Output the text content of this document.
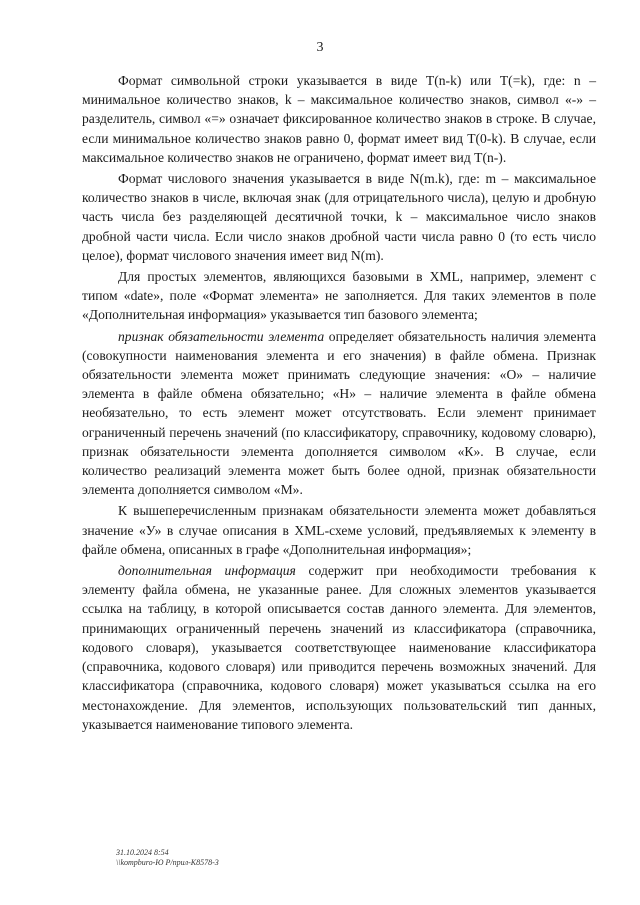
3

Формат символьной строки указывается в виде T(n-k) или T(=k), где: n – минимальное количество знаков, k – максимальное количество знаков, символ «-» – разделитель, символ «=» означает фиксированное количество знаков в строке. В случае, если минимальное количество знаков равно 0, формат имеет вид T(0-k). В случае, если максимальное количество знаков не ограничено, формат имеет вид T(n-).

Формат числового значения указывается в виде N(m.k), где: m – максимальное количество знаков в числе, включая знак (для отрицательного числа), целую и дробную часть числа без разделяющей десятичной точки, k – максимальное число знаков дробной части числа. Если число знаков дробной части числа равно 0 (то есть число целое), формат числового значения имеет вид N(m).

Для простых элементов, являющихся базовыми в XML, например, элемент с типом «date», поле «Формат элемента» не заполняется. Для таких элементов в поле «Дополнительная информация» указывается тип базового элемента;

признак обязательности элемента определяет обязательность наличия элемента (совокупности наименования элемента и его значения) в файле обмена. Признак обязательности элемента может принимать следующие значения: «О» – наличие элемента в файле обмена обязательно; «Н» – наличие элемента в файле обмена необязательно, то есть элемент может отсутствовать. Если элемент принимает ограниченный перечень значений (по классификатору, справочнику, кодовому словарю), признак обязательности элемента дополняется символом «К». В случае, если количество реализаций элемента может быть более одной, признак обязательности элемента дополняется символом «М».

К вышеперечисленным признакам обязательности элемента может добавляться значение «У» в случае описания в XML-схеме условий, предъявляемых к элементу в файле обмена, описанных в графе «Дополнительная информация»;

дополнительная информация содержит при необходимости требования к элементу файла обмена, не указанные ранее. Для сложных элементов указывается ссылка на таблицу, в которой описывается состав данного элемента. Для элементов, принимающих ограниченный перечень значений из классификатора (справочника, кодового словаря), указывается соответствующее наименование классификатора (справочника, кодового словаря) или приводится перечень возможных значений. Для классификатора (справочника, кодового словаря) может указываться ссылка на его местонахождение. Для элементов, использующих пользовательский тип данных, указывается наименование типового элемента.

31.10.2024 8:54
\\kompburo-Ю Р/прил-К8578-3
